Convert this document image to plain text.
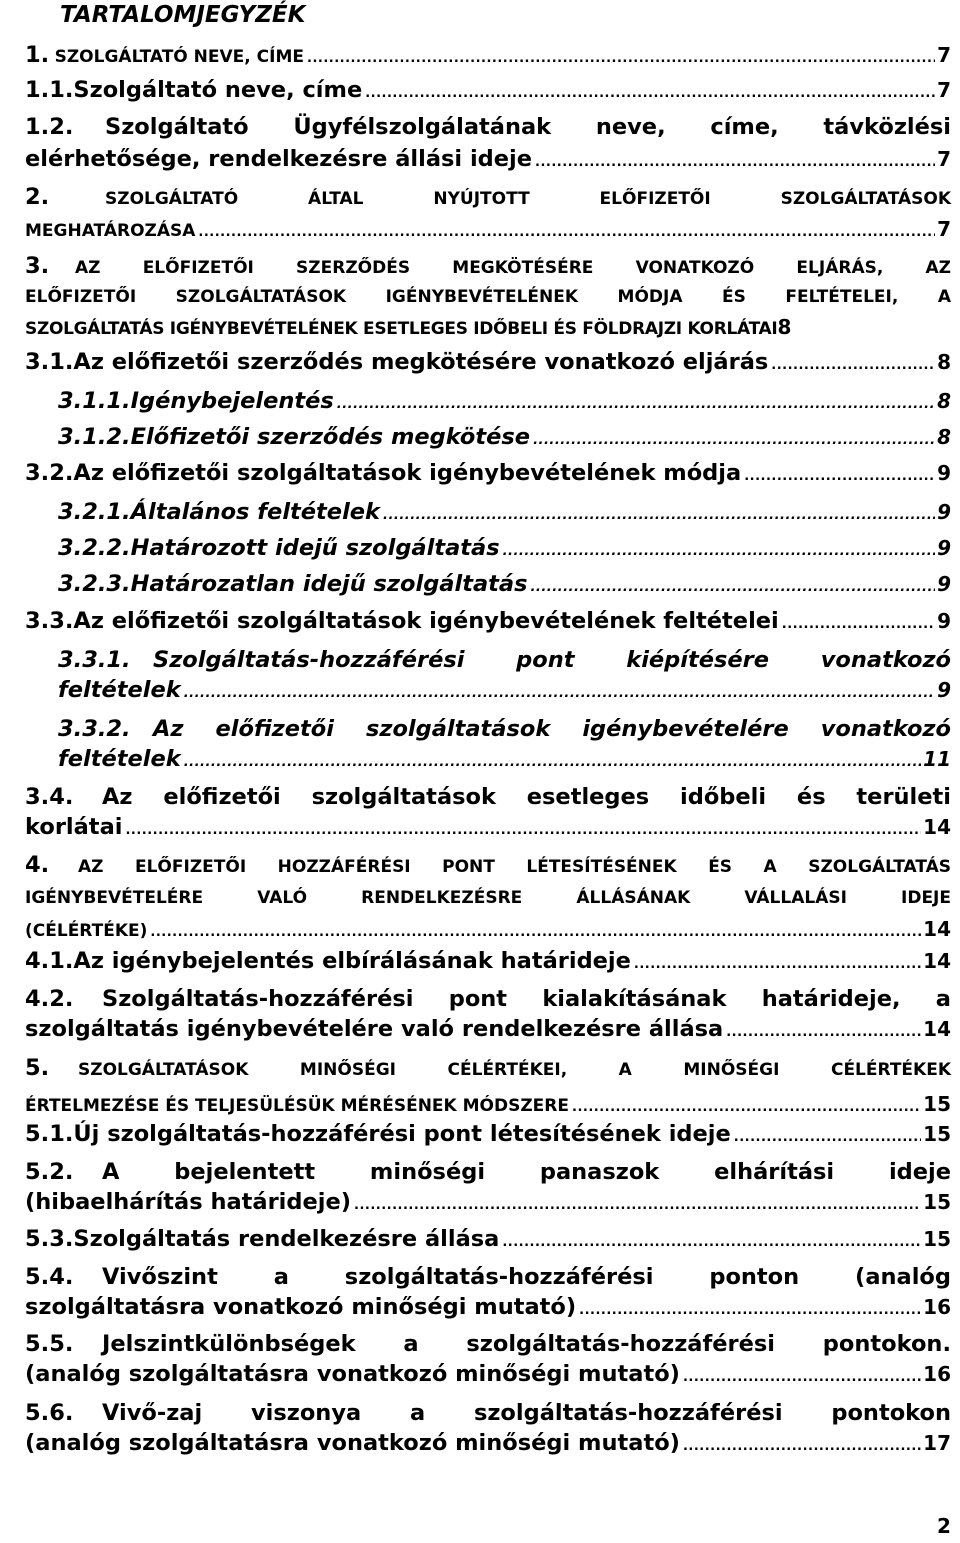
TARTALOMJEGYZÉK
1. SZOLGÁLTATÓ NEVE, CÍME .....	7
1.1. Szolgáltató neve, címe .....	7
1.2.	Szolgáltató Ügyfélszolgálatának neve, címe, távközlési
elérhetősége, rendelkezésre állási ideje .....	7
2.	SZOLGÁLTATÓ ÁLTAL NYÚJTOTT ELŐFIZETŐI SZOLGÁLTATÁSOK
MEGHATÁROZÁSA .....	7
3.	AZ ELŐFIZETŐI SZERZŐDÉS MEGKÖTÉSÉRE VONATKOZÓ ELJÁRÁS, AZ
ELŐFIZETŐI SZOLGÁLTATÁSOK IGÉNYBEVÉTELÉNEK MÓDJA ÉS FELTÉTELEI, A
SZOLGÁLTATÁS IGÉNYBEVÉTELÉNEK ESETLEGES IDŐBELI ÉS FÖLDRAJZI KORLÁTAI 8
3.1. Az előfizetői szerződés megkötésére vonatkozó eljárás .....	8
3.1.1. Igénybejelentés .....	8
3.1.2. Előfizetői szerződés megkötése .....	8
3.2. Az előfizetői szolgáltatások igénybevételének módja .....	9
3.2.1. Általános feltételek .....	9
3.2.2. Határozott idejű szolgáltatás .....	9
3.2.3. Határozatlan idejű szolgáltatás .....	9
3.3. Az előfizetői szolgáltatások igénybevételének feltételei .....	9
3.3.1. Szolgáltatás-hozzáférési pont kiépítésére vonatkozó
feltételek .....	9
3.3.2. Az előfizetői szolgáltatások igénybevételére vonatkozó
feltételek .....	11
3.4.	Az előfizetői szolgáltatások esetleges időbeli és területi
korlátai .....	14
4.	AZ ELŐFIZETŐI HOZZÁFÉRÉSI PONT LÉTESÍTÉSÉNEK ÉS A SZOLGÁLTATÁS
IGÉNYBEVÉTELÉRE VALÓ RENDELKEZÉSRE ÁLLÁSÁNAK VÁLLALÁSI IDEJE
(CÉLÉRTÉKE) .....	14
4.1. Az igénybejelentés elbírálásának határideje .....	14
4.2.	Szolgáltatás-hozzáférési pont kialakításának határideje, a
szolgáltatás igénybevételére való rendelkezésre állása .....	14
5.	SZOLGÁLTATÁSOK MINŐSÉGI CÉLÉRTÉKEI, A MINŐSÉGI CÉLÉRTÉKEK
ÉRTELMEZÉSE ÉS TELJESÜLÉSÜK MÉRÉSÉNEK MÓDSZERE .....	15
5.1. Új szolgáltatás-hozzáférési pont létesítésének ideje .....	15
5.2.	A bejelentett minőségi panaszok elhárítási ideje
(hibaelhárítás határideje) .....	15
5.3. Szolgáltatás rendelkezésre állása .....	15
5.4.	Vivőszint a szolgáltatás-hozzáférési ponton (analóg
szolgáltatásra vonatkozó minőségi mutató) .....	16
5.5.	Jelszintkülönbségek a szolgáltatás-hozzáférési pontokon.
(analóg szolgáltatásra vonatkozó minőségi mutató) .....	16
5.6.	Vivő-zaj viszonya a szolgáltatás-hozzáférési pontokon
(analóg szolgáltatásra vonatkozó minőségi mutató) .....	17
2
